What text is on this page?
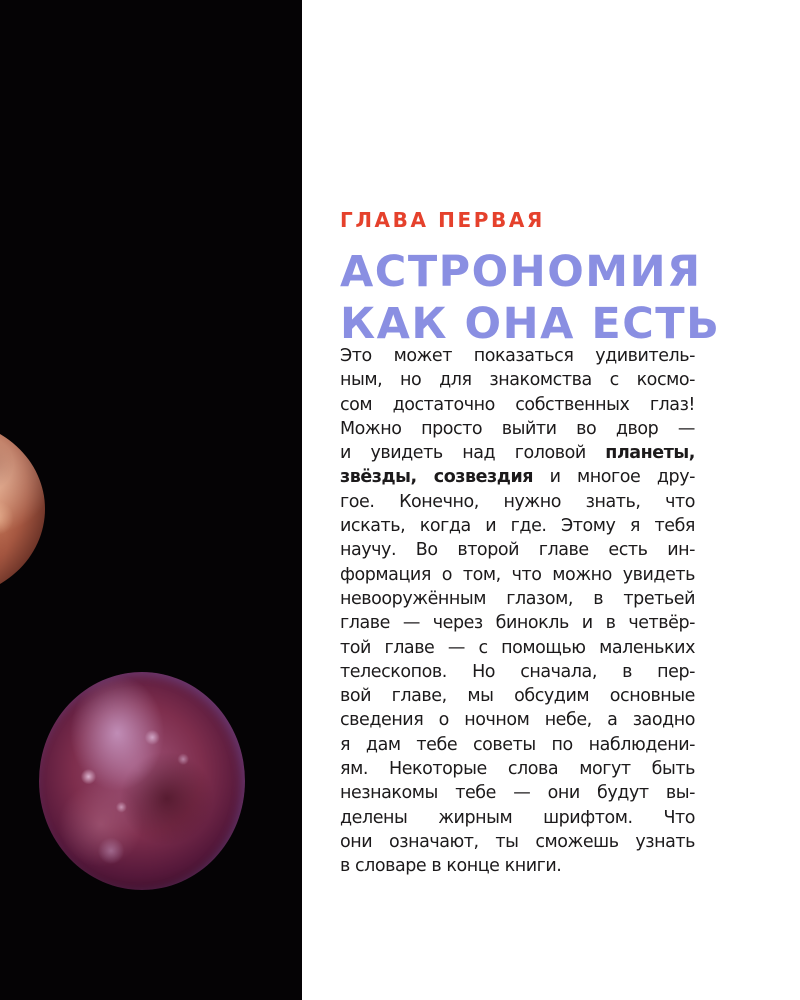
ГЛАВА ПЕРВАЯ
АСТРОНОМИЯ
КАК ОНА ЕСТЬ
Это может показаться удивитель-
ным, но для знакомства с космо-
сом достаточно собственных глаз!
Можно просто выйти во двор —
и увидеть над головой планеты,
звёзды, созвездия и многое дру-
гое. Конечно, нужно знать, что
искать, когда и где. Этому я тебя
научу. Во второй главе есть ин-
формация о том, что можно увидеть
невооружённым глазом, в третьей
главе — через бинокль и в четвёр-
той главе — с помощью маленьких
телескопов. Но сначала, в пер-
вой главе, мы обсудим основные
сведения о ночном небе, а заодно
я дам тебе советы по наблюдени-
ям. Некоторые слова могут быть
незнакомы тебе — они будут вы-
делены жирным шрифтом. Что
они означают, ты сможешь узнать
в словаре в конце книги.
